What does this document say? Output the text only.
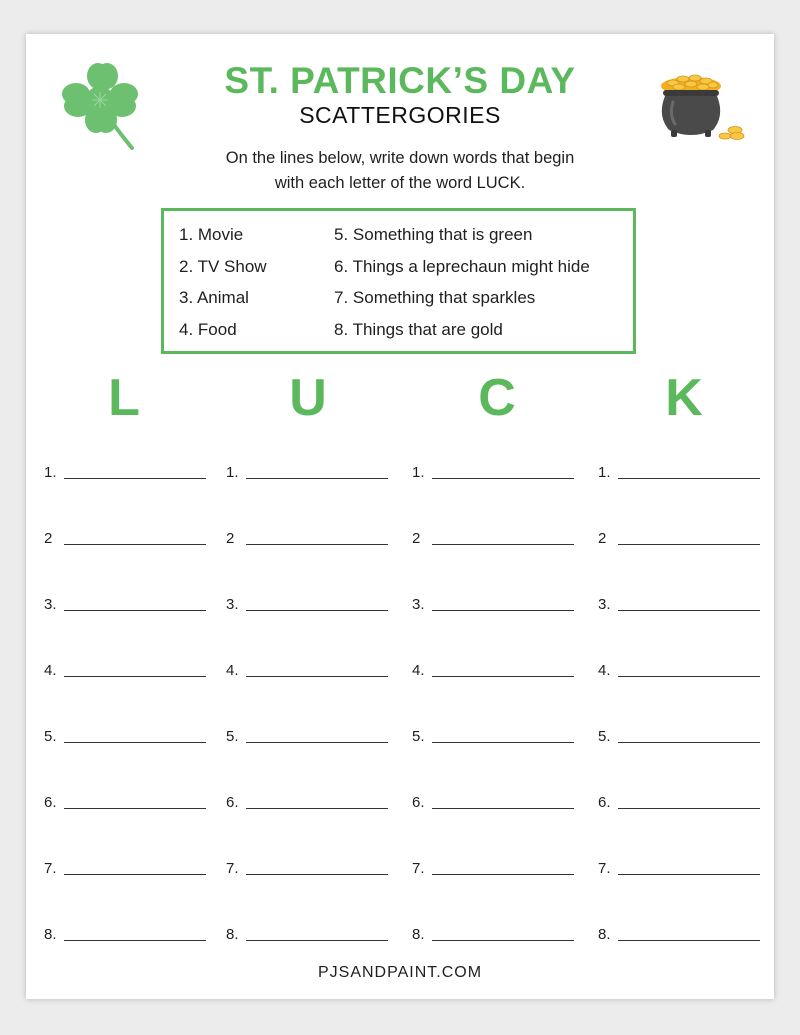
ST. PATRICK’S DAY
SCATTERGORIES
On the lines below, write down words that begin
with each letter of the word LUCK.
1. Movie
2. TV Show
3. Animal
4. Food
5. Something that is green
6. Things a leprechaun might hide
7. Something that sparkles
8. Things that are gold
L	U	C	K
1.	1.	1.	1.
2	2	2	2
3.	3.	3.	3.
4.	4.	4.	4.
5.	5.	5.	5.
6.	6.	6.	6.
7.	7.	7.	7.
8.	8.	8.	8.
PJSANDPAINT.COM
